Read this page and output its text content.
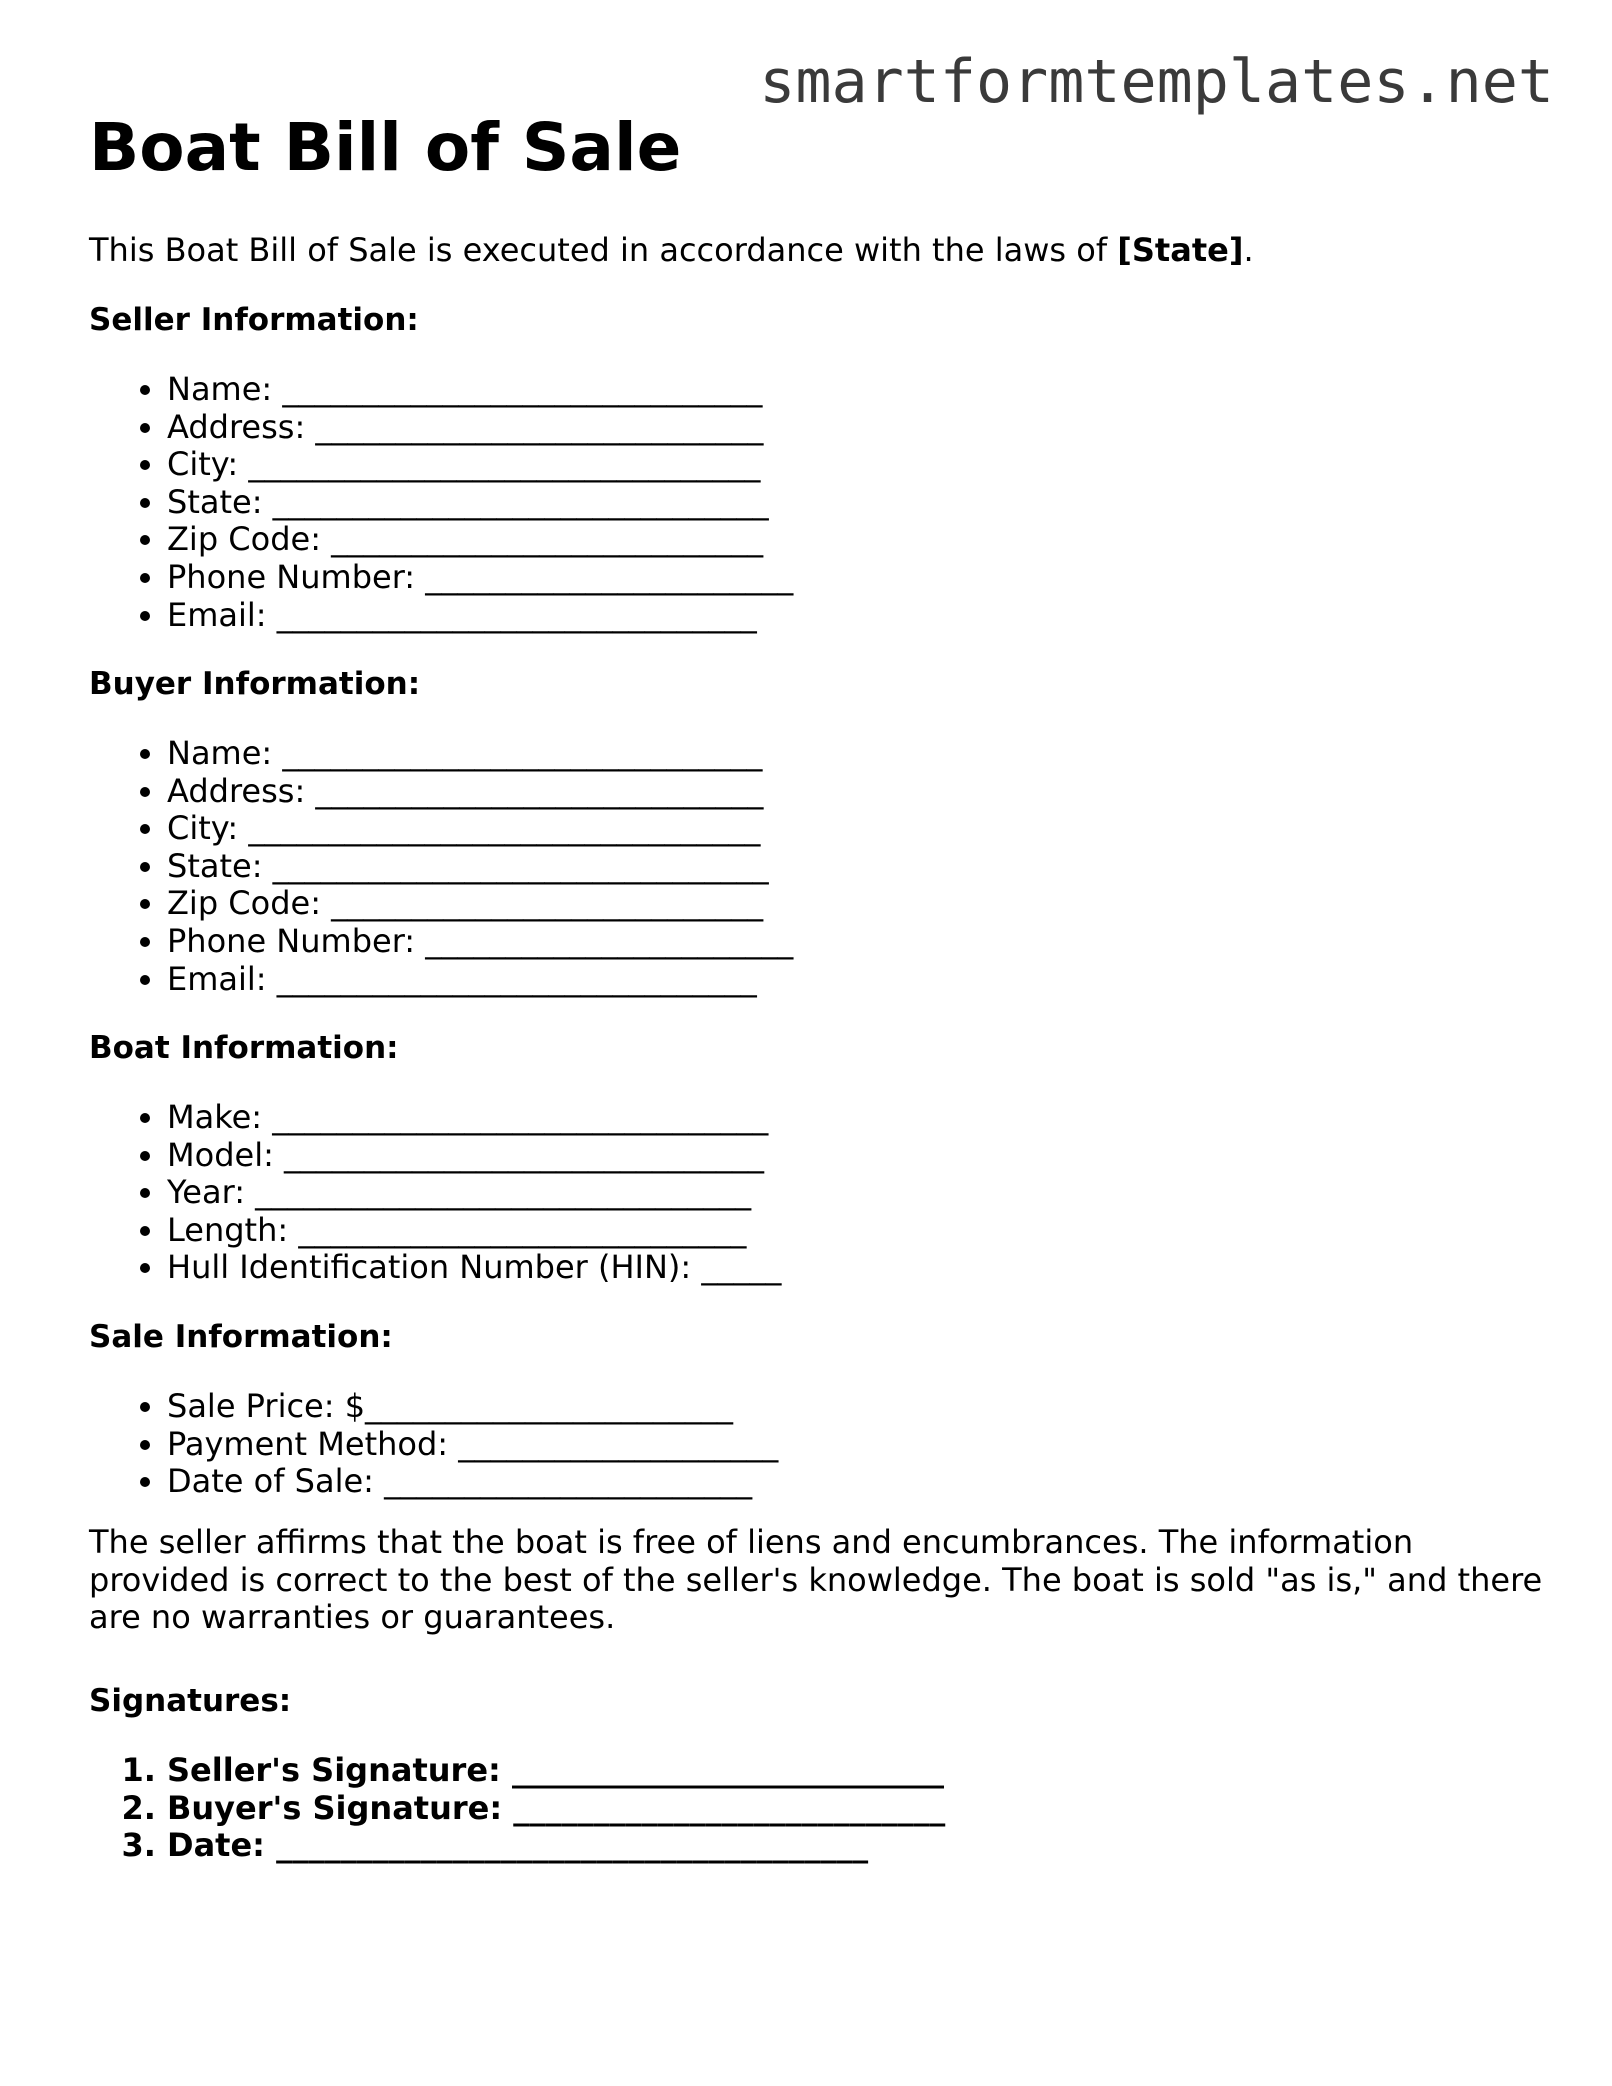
smartformtemplates.net
Boat Bill of Sale

This Boat Bill of Sale is executed in accordance with the laws of [State].

Seller Information:
• Name: ______________________________
• Address: ____________________________
• City: ________________________________
• State: _______________________________
• Zip Code: ___________________________
• Phone Number: _______________________
• Email: ______________________________
Buyer Information:
• Name: ______________________________
• Address: ____________________________
• City: ________________________________
• State: _______________________________
• Zip Code: ___________________________
• Phone Number: _______________________
• Email: ______________________________
Boat Information:
• Make: _______________________________
• Model: ______________________________
• Year: _______________________________
• Length: ____________________________
• Hull Identification Number (HIN): _____
Sale Information:
• Sale Price: $_______________________
• Payment Method: ____________________
• Date of Sale: _______________________

The seller affirms that the boat is free of liens and encumbrances. The information provided is correct to the best of the seller's knowledge. The boat is sold "as is," and there are no warranties or guarantees.

Signatures:
1. Seller's Signature: ___________________________
2. Buyer's Signature: ___________________________
3. Date: _____________________________________
